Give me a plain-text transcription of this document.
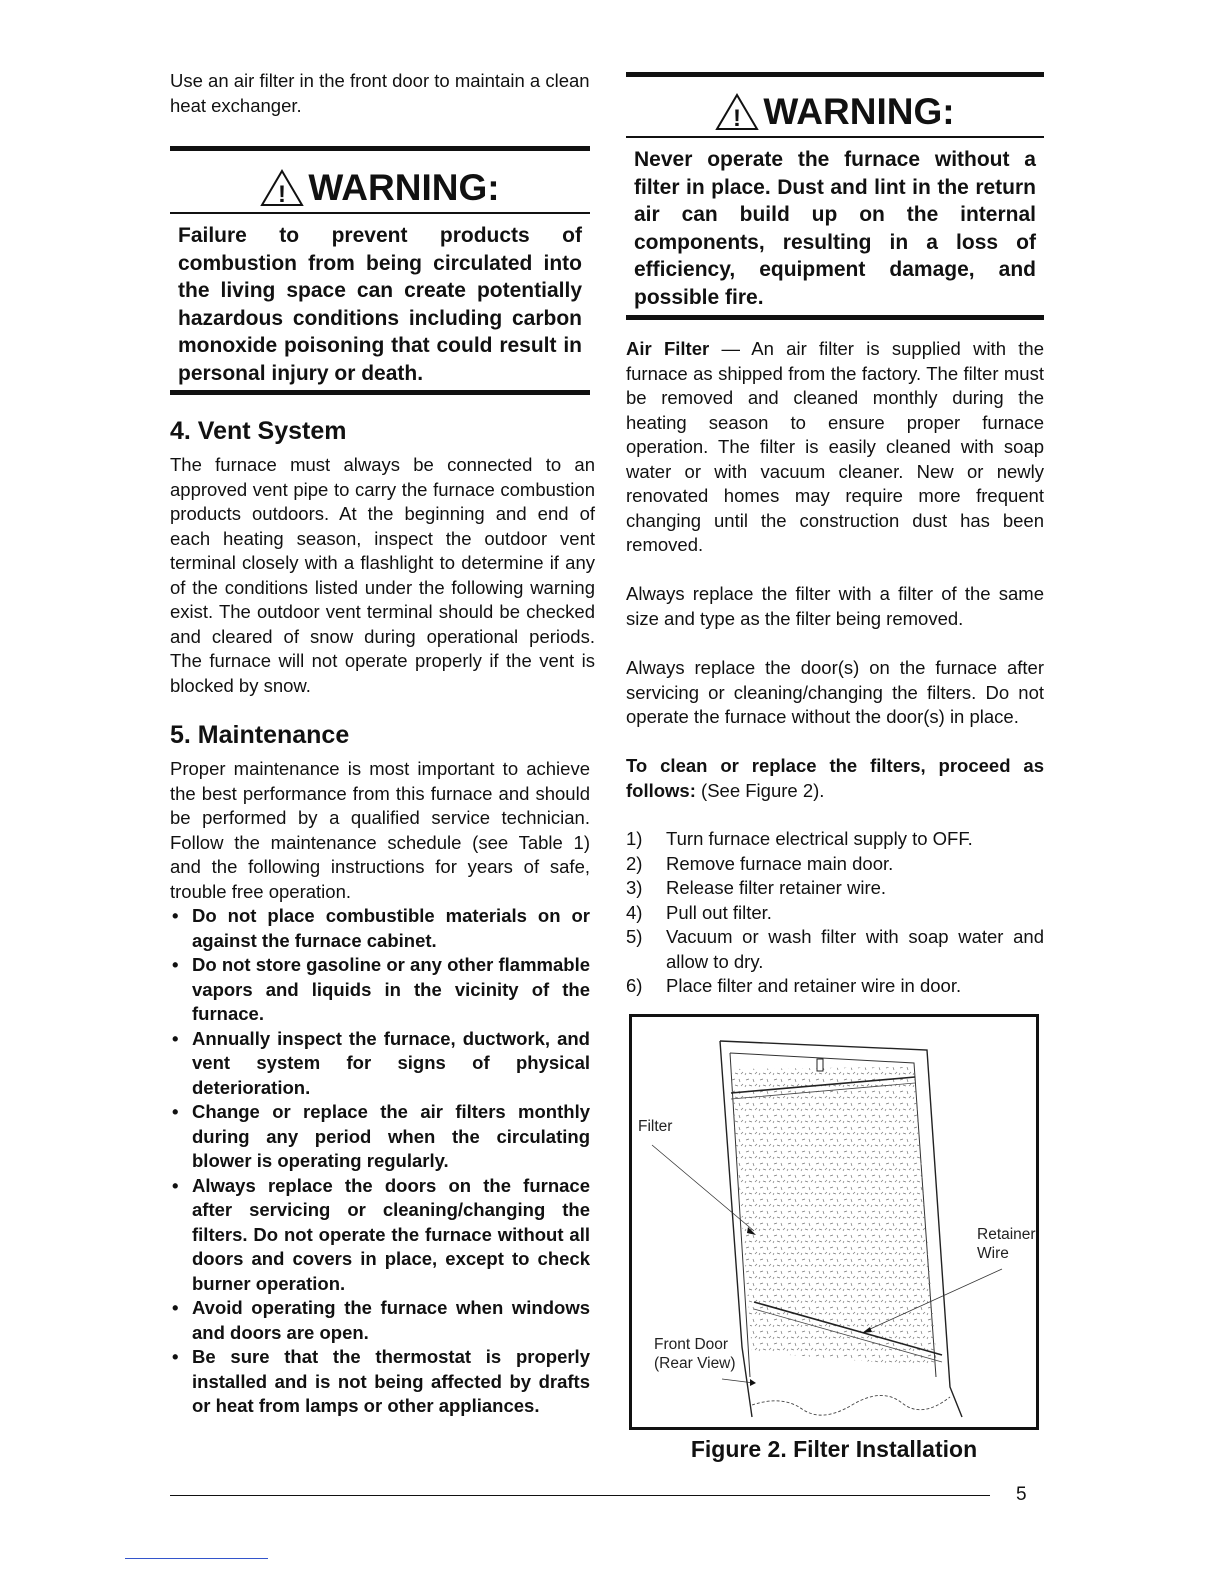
Use an air filter in the front door to maintain a clean heat exchanger.

! WARNING:

Failure to prevent products of combustion from being circulated into the living space can create potentially hazardous conditions including carbon monoxide poisoning that could result in personal injury or death.

4. Vent System

The furnace must always be connected to an approved vent pipe to carry the furnace combustion products outdoors. At the beginning and end of each heating season, inspect the outdoor vent terminal closely with a flashlight to determine if any of the conditions listed under the following warning exist. The outdoor vent terminal should be checked and cleared of snow during operational periods. The furnace will not operate properly if the vent is blocked by snow.

5. Maintenance

Proper maintenance is most important to achieve the best performance from this furnace and should be performed by a qualified service technician. Follow the maintenance schedule (see Table 1) and the following instructions for years of safe, trouble free operation.

• Do not place combustible materials on or against the furnace cabinet.
• Do not store gasoline or any other flammable vapors and liquids in the vicinity of the furnace.
• Annually inspect the furnace, ductwork, and vent system for signs of physical deterioration.
• Change or replace the air filters monthly during any period when the circulating blower is operating regularly.
• Always replace the doors on the furnace after servicing or cleaning/changing the filters. Do not operate the furnace without all doors and covers in place, except to check burner operation.
• Avoid operating the furnace when windows and doors are open.
• Be sure that the thermostat is properly installed and is not being affected by drafts or heat from lamps or other appliances.
! WARNING:

Never operate the furnace without a filter in place. Dust and lint in the return air can build up on the internal components, resulting in a loss of efficiency, equipment damage, and possible fire.

Air Filter — An air filter is supplied with the furnace as shipped from the factory. The filter must be removed and cleaned monthly during the heating season to ensure proper furnace operation. The filter is easily cleaned with soap water or with vacuum cleaner. New or newly renovated homes may require more frequent changing until the construction dust has been removed.

Always replace the filter with a filter of the same size and type as the filter being removed.

Always replace the door(s) on the furnace after servicing or cleaning/changing the filters. Do not operate the furnace without the door(s) in place.

To clean or replace the filters, proceed as follows: (See Figure 2).

1) Turn furnace electrical supply to OFF.
2) Remove furnace main door.
3) Release filter retainer wire.
4) Pull out filter.
5) Vacuum or wash filter with soap water and allow to dry.
6) Place filter and retainer wire in door.
Filter
Retainer
Wire
Front Door
(Rear View)
Figure 2. Filter Installation
5
